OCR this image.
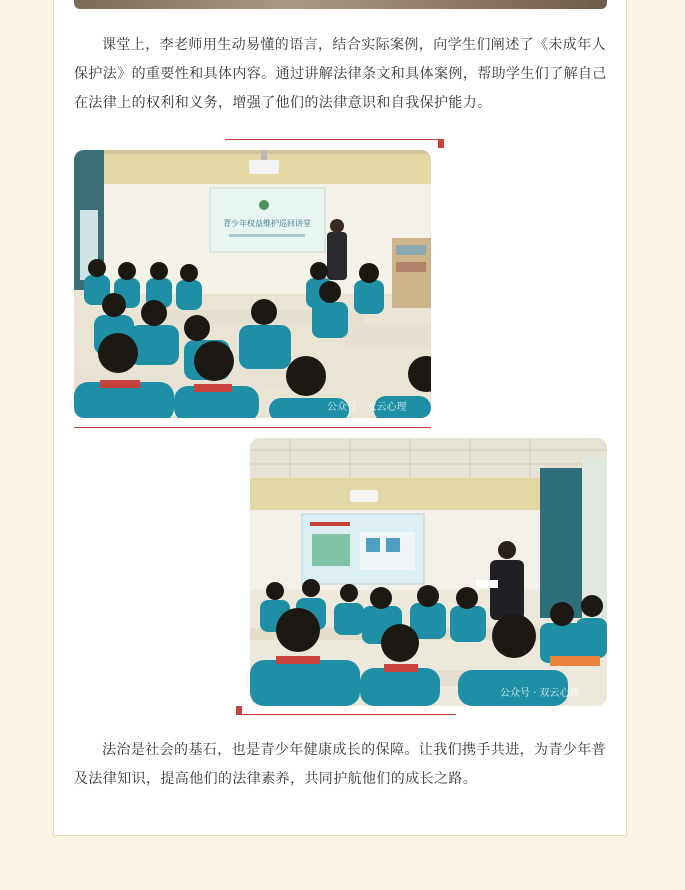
课堂上，李老师用生动易懂的语言，结合实际案例，向学生们阐述了《未成年人保护法》的重要性和具体内容。通过讲解法律条文和具体案例，帮助学生们了解自己在法律上的权利和义务，增强了他们的法律意识和自我保护能力。

青少年权益维护巡回讲堂
公众号 · 双云心理
公众号 · 双云心理

法治是社会的基石，也是青少年健康成长的保障。让我们携手共进，为青少年普及法律知识，提高他们的法律素养，共同护航他们的成长之路。
